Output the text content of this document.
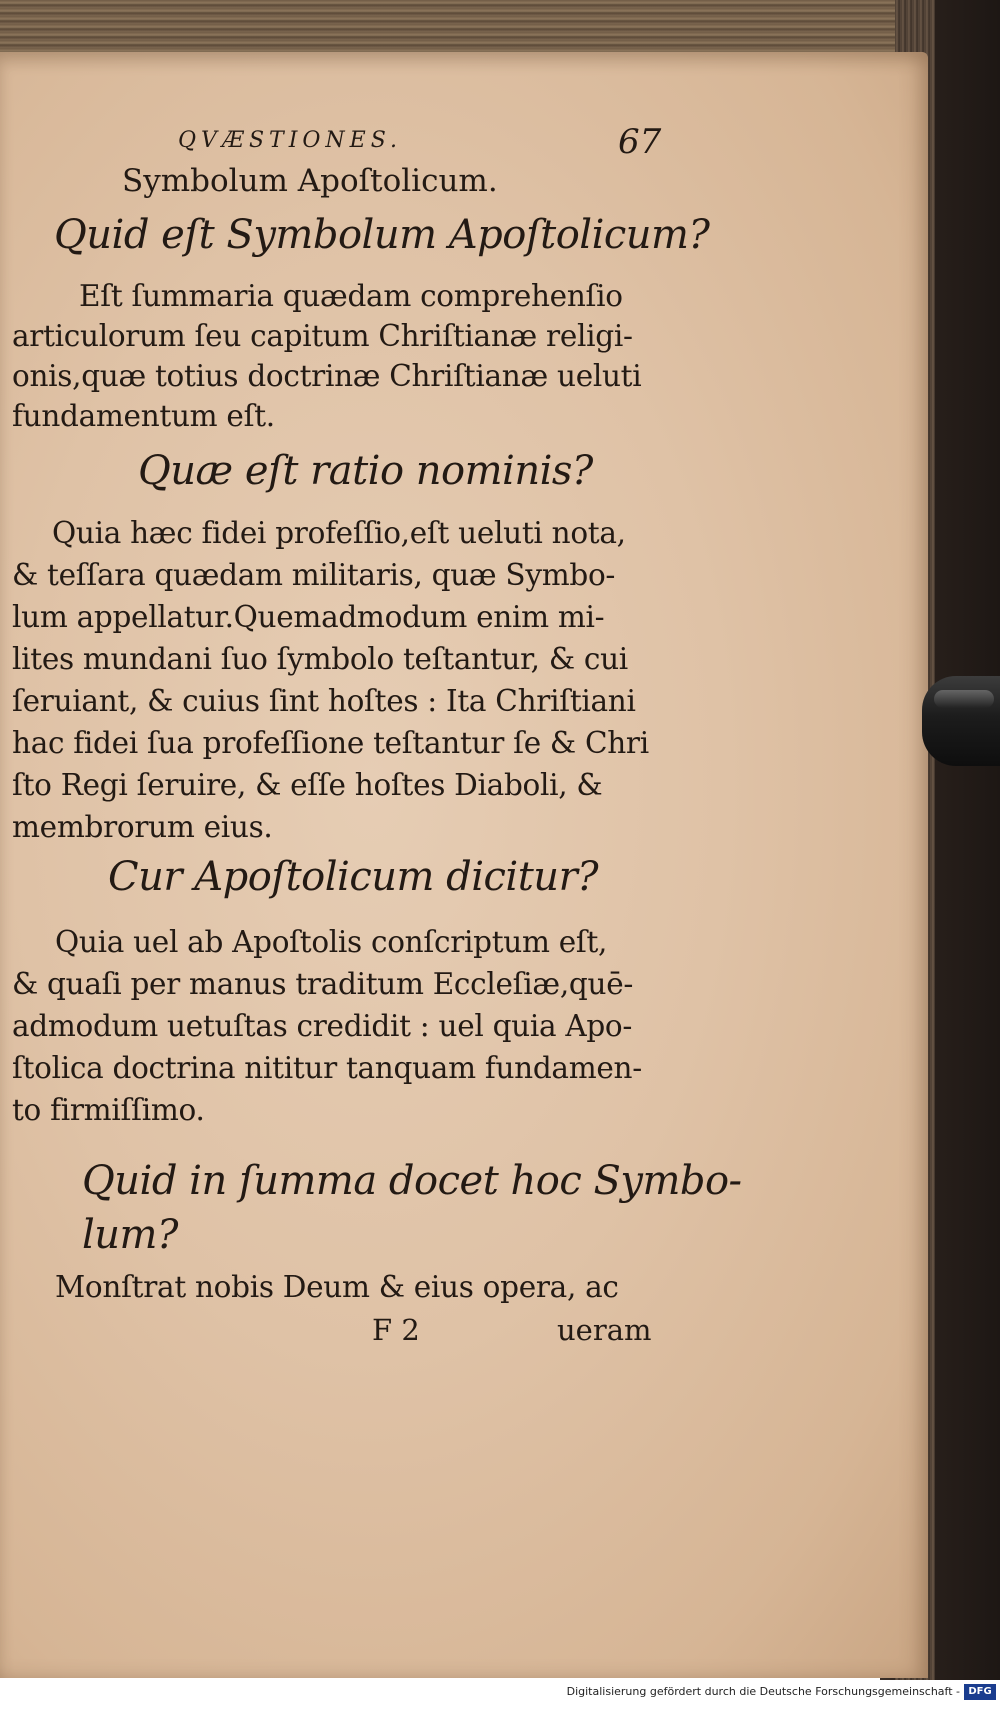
QVÆSTIONES.	67
Symbolum Apoſtolicum.
Quid eſt Symbolum Apoſtolicum?
Eſt ſummaria quædam comprehenſio
articulorum ſeu capitum Chriſtianæ religi-
onis,quæ totius doctrinæ Chriſtianæ ueluti
fundamentum eſt.
Quæ eſt ratio nominis?
Quia hæc fidei profeſſio,eſt ueluti nota,
& teſſara quædam militaris, quæ Symbo-
lum appellatur.Quemadmodum enim mi-
lites mundani ſuo ſymbolo teſtantur, & cui
ſeruiant, & cuius ſint hoſtes : Ita Chriſtiani
hac fidei ſua profeſſione teſtantur ſe & Chri
ſto Regi ſeruire, & eſſe hoſtes Diaboli, &
membrorum eius.
Cur Apoſtolicum dicitur?
Quia uel ab Apoſtolis conſcriptum eſt,
& quaſi per manus traditum Eccleſiæ,quē-
admodum uetuſtas credidit : uel quia Apo-
ſtolica doctrina nititur tanquam fundamen-
to firmiſſimo.
Quid in ſumma docet hoc Symbo-
lum?
Monſtrat nobis Deum & eius opera, ac
F 2	ueram
Digitalisierung gefördert durch die Deutsche Forschungsgemeinschaft - DFG
